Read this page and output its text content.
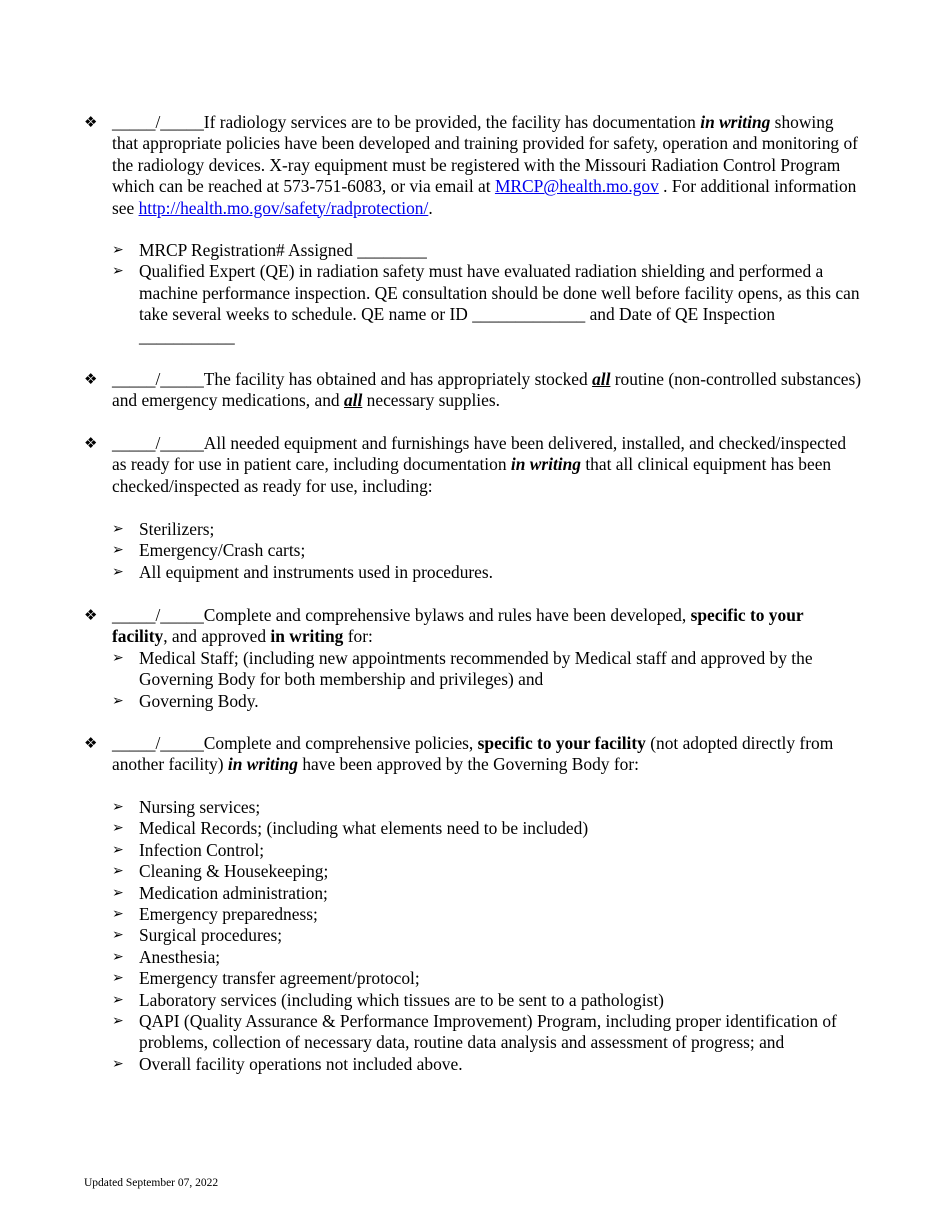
❖ _____/_____If radiology services are to be provided, the facility has documentation in writing showing that appropriate policies have been developed and training provided for safety, operation and monitoring of the radiology devices. X-ray equipment must be registered with the Missouri Radiation Control Program which can be reached at 573-751-6083, or via email at MRCP@health.mo.gov . For additional information see http://health.mo.gov/safety/radprotection/.

➢ MRCP Registration# Assigned ________
➢ Qualified Expert (QE) in radiation safety must have evaluated radiation shielding and performed a machine performance inspection. QE consultation should be done well before facility opens, as this can take several weeks to schedule. QE name or ID _____________ and Date of QE Inspection ___________
❖ _____/_____The facility has obtained and has appropriately stocked all routine (non-controlled substances) and emergency medications, and all necessary supplies.

❖ _____/_____All needed equipment and furnishings have been delivered, installed, and checked/inspected as ready for use in patient care, including documentation in writing that all clinical equipment has been checked/inspected as ready for use, including:

➢ Sterilizers;
➢ Emergency/Crash carts;
➢ All equipment and instruments used in procedures.
❖ _____/_____Complete and comprehensive bylaws and rules have been developed, specific to your facility, and approved in writing for:

➢ Medical Staff; (including new appointments recommended by Medical staff and approved by the Governing Body for both membership and privileges) and
➢ Governing Body.
❖ _____/_____Complete and comprehensive policies, specific to your facility (not adopted directly from another facility) in writing have been approved by the Governing Body for:

➢ Nursing services;
➢ Medical Records; (including what elements need to be included)
➢ Infection Control;
➢ Cleaning & Housekeeping;
➢ Medication administration;
➢ Emergency preparedness;
➢ Surgical procedures;
➢ Anesthesia;
➢ Emergency transfer agreement/protocol;
➢ Laboratory services (including which tissues are to be sent to a pathologist)
➢ QAPI (Quality Assurance & Performance Improvement) Program, including proper identification of problems, collection of necessary data, routine data analysis and assessment of progress; and
➢ Overall facility operations not included above.
Updated September 07, 2022
